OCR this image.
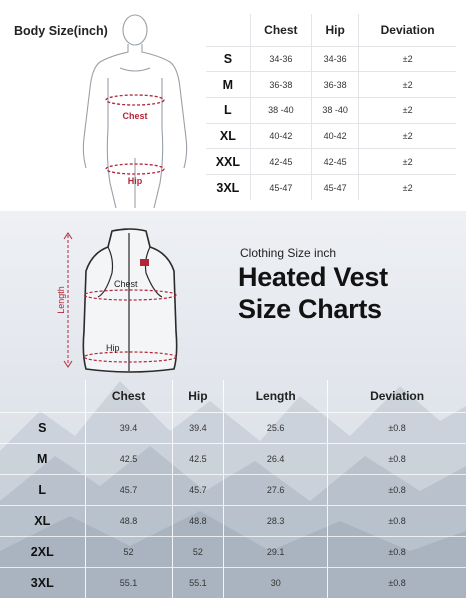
Body Size(inch)
Chest
Hip
	Chest	Hip	Deviation
S	34-36	34-36	±2
M	36-38	36-38	±2
L	38 -40	38 -40	±2
XL	40-42	40-42	±2
XXL	42-45	42-45	±2
3XL	45-47	45-47	±2
Length
Chest
Hip
Clothing Size inch
Heated Vest
Size Charts
	Chest	Hip	Length	Deviation
S	39.4	39.4	25.6	±0.8
M	42.5	42.5	26.4	±0.8
L	45.7	45.7	27.6	±0.8
XL	48.8	48.8	28.3	±0.8
2XL	52	52	29.1	±0.8
3XL	55.1	55.1	30	±0.8
